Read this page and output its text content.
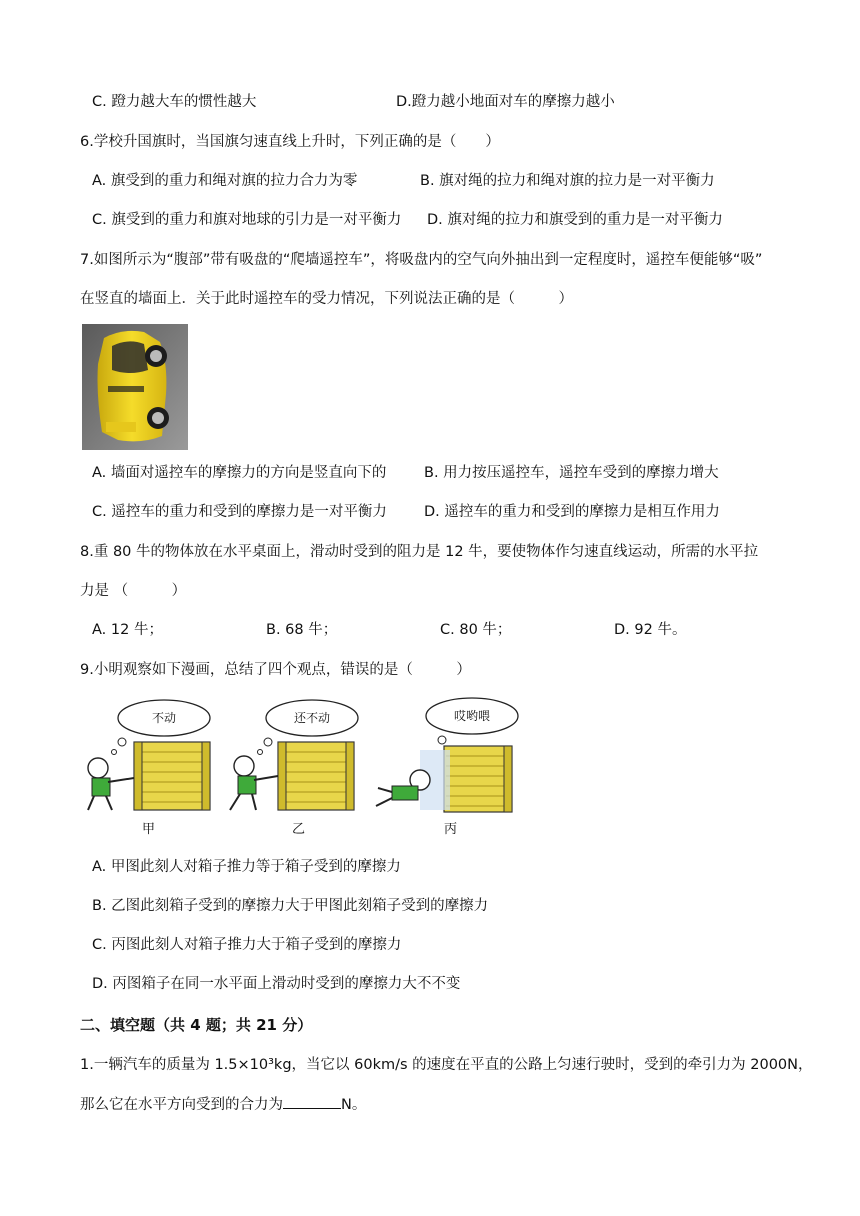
C. 蹬力越大车的惯性越大	D.蹬力越小地面对车的摩擦力越小
6.学校升国旗时，当国旗匀速直线上升时，下列正确的是（　　）
A. 旗受到的重力和绳对旗的拉力合力为零	B. 旗对绳的拉力和绳对旗的拉力是一对平衡力
C. 旗受到的重力和旗对地球的引力是一对平衡力 D. 旗对绳的拉力和旗受到的重力是一对平衡力
7.如图所示为“腹部”带有吸盘的“爬墙遥控车”，将吸盘内的空气向外抽出到一定程度时，遥控车便能够“吸”
在竖直的墙面上．关于此时遥控车的受力情况，下列说法正确的是（　　　）
A. 墙面对遥控车的摩擦力的方向是竖直向下的	B. 用力按压遥控车，遥控车受到的摩擦力增大
C. 遥控车的重力和受到的摩擦力是一对平衡力	D. 遥控车的重力和受到的摩擦力是相互作用力
8.重 80 牛的物体放在水平桌面上，滑动时受到的阻力是 12 牛，要使物体作匀速直线运动，所需的水平拉
力是 （　　　）
A. 12 牛；	B. 68 牛；	C. 80 牛；	D. 92 牛。
9.小明观察如下漫画，总结了四个观点，错误的是（　　　）
不动	还不动	哎哟喂
甲	乙	丙
A. 甲图此刻人对箱子推力等于箱子受到的摩擦力
B. 乙图此刻箱子受到的摩擦力大于甲图此刻箱子受到的摩擦力
C. 丙图此刻人对箱子推力大于箱子受到的摩擦力
D. 丙图箱子在同一水平面上滑动时受到的摩擦力大不不变
二、填空题（共 4 题；共 21 分）
1.一辆汽车的质量为 1.5×10³kg，当它以 60km/s 的速度在平直的公路上匀速行驶时，受到的牵引力为 2000N，
那么它在水平方向受到的合力为	N。
